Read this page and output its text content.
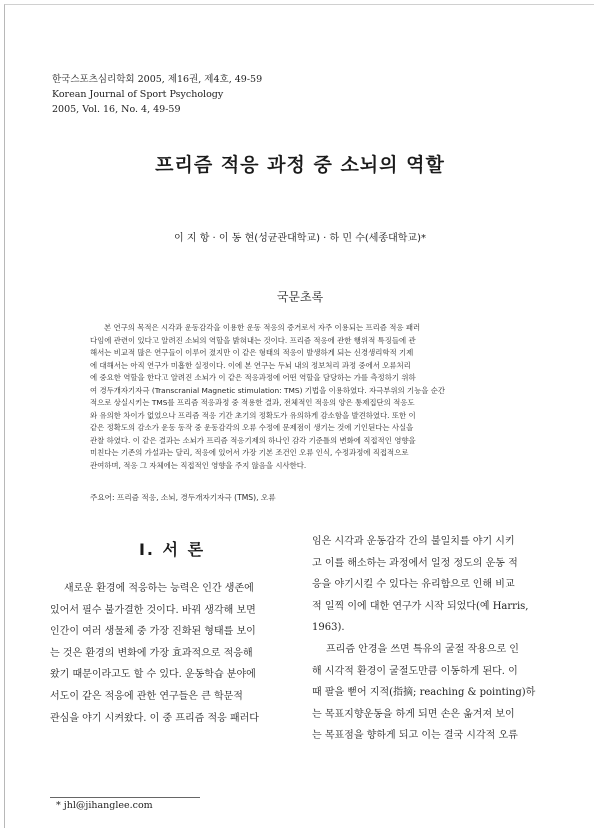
한국스포츠심리학회 2005, 제16권, 제4호, 49-59
Korean Journal of Sport Psychology
2005, Vol. 16, No. 4, 49-59
프리즘 적응 과정 중 소뇌의 역할
이 지 항 · 이 동 현(성균관대학교) · 하 민 수(세종대학교)*
국문초록
본 연구의 목적은 시각과 운동감각을 이용한 운동 적응의 증거로서 자주 이용되는 프리즘 적응 패러
다임에 관련이 있다고 알려진 소뇌의 역할을 밝혀내는 것이다. 프리즘 적응에 관한 행위적 특징들에 관
해서는 비교적 많은 연구들이 이루어 졌지만 이 같은 형태의 적응이 발생하게 되는 신경생리학적 기제
에 대해서는 아직 연구가 미흡한 실정이다. 이에 본 연구는 두뇌 내의 정보처리 과정 중에서 오류처리
에 중요한 역할을 한다고 알려진 소뇌가 이 같은 적응과정에 어떤 역할을 담당하는 가를 측정하기 위하
여 경두개자기자극 (Transcranial Magnetic stimulation: TMS) 기법을 이용하였다. 자극부위의 기능을 순간
적으로 상실시키는 TMS를 프리즘 적응과정 중 적용한 결과, 전체적인 적응의 양은 통제집단의 적응도
와 유의한 차이가 없었으나 프리즘 적응 기간 초기의 정확도가 유의하게 감소함을 발견하였다. 또한 이
같은 정확도의 감소가 운동 동작 중 운동감각의 오류 수정에 문제점이 생기는 것에 기인된다는 사실을
관찰 하였다. 이 같은 결과는 소뇌가 프리즘 적응기제의 하나인 감각 기준틀의 변화에 직접적인 영향을
미친다는 기존의 가설과는 달리, 적응에 있어서 가장 기본 조건인 오류 인식, 수정과정에 직접적으로
관여하며, 적응 그 자체에는 직접적인 영향을 주지 않음을 시사한다.
주요어: 프리즘 적응, 소뇌, 경두개자기자극 (TMS), 오류
I. 서 론
새로운 환경에 적응하는 능력은 인간 생존에
있어서 필수 불가결한 것이다. 바꿔 생각해 보면
인간이 여러 생물체 중 가장 진화된 형태를 보이
는 것은 환경의 변화에 가장 효과적으로 적응해
왔기 때문이라고도 할 수 있다. 운동학습 분야에
서도이 같은 적응에 관한 연구들은 큰 학문적
관심을 야기 시켜왔다. 이 중 프리즘 적응 패러다
임은 시각과 운동감각 간의 불일치를 야기 시키
고 이를 해소하는 과정에서 일정 정도의 운동 적
응을 야기시킬 수 있다는 유리함으로 인해 비교
적 일찍 이에 대한 연구가 시작 되었다(예 Harris,
1963).
프리즘 안경을 쓰면 특유의 굴절 작용으로 인
해 시각적 환경이 굴절도만큼 이동하게 된다. 이
때 팔을 뻗어 지적(指摘; reaching & pointing)하
는 목표지향운동을 하게 되면 손은 옮겨져 보이
는 목표점을 향하게 되고 이는 결국 시각적 오류
* jhl@jihanglee.com
